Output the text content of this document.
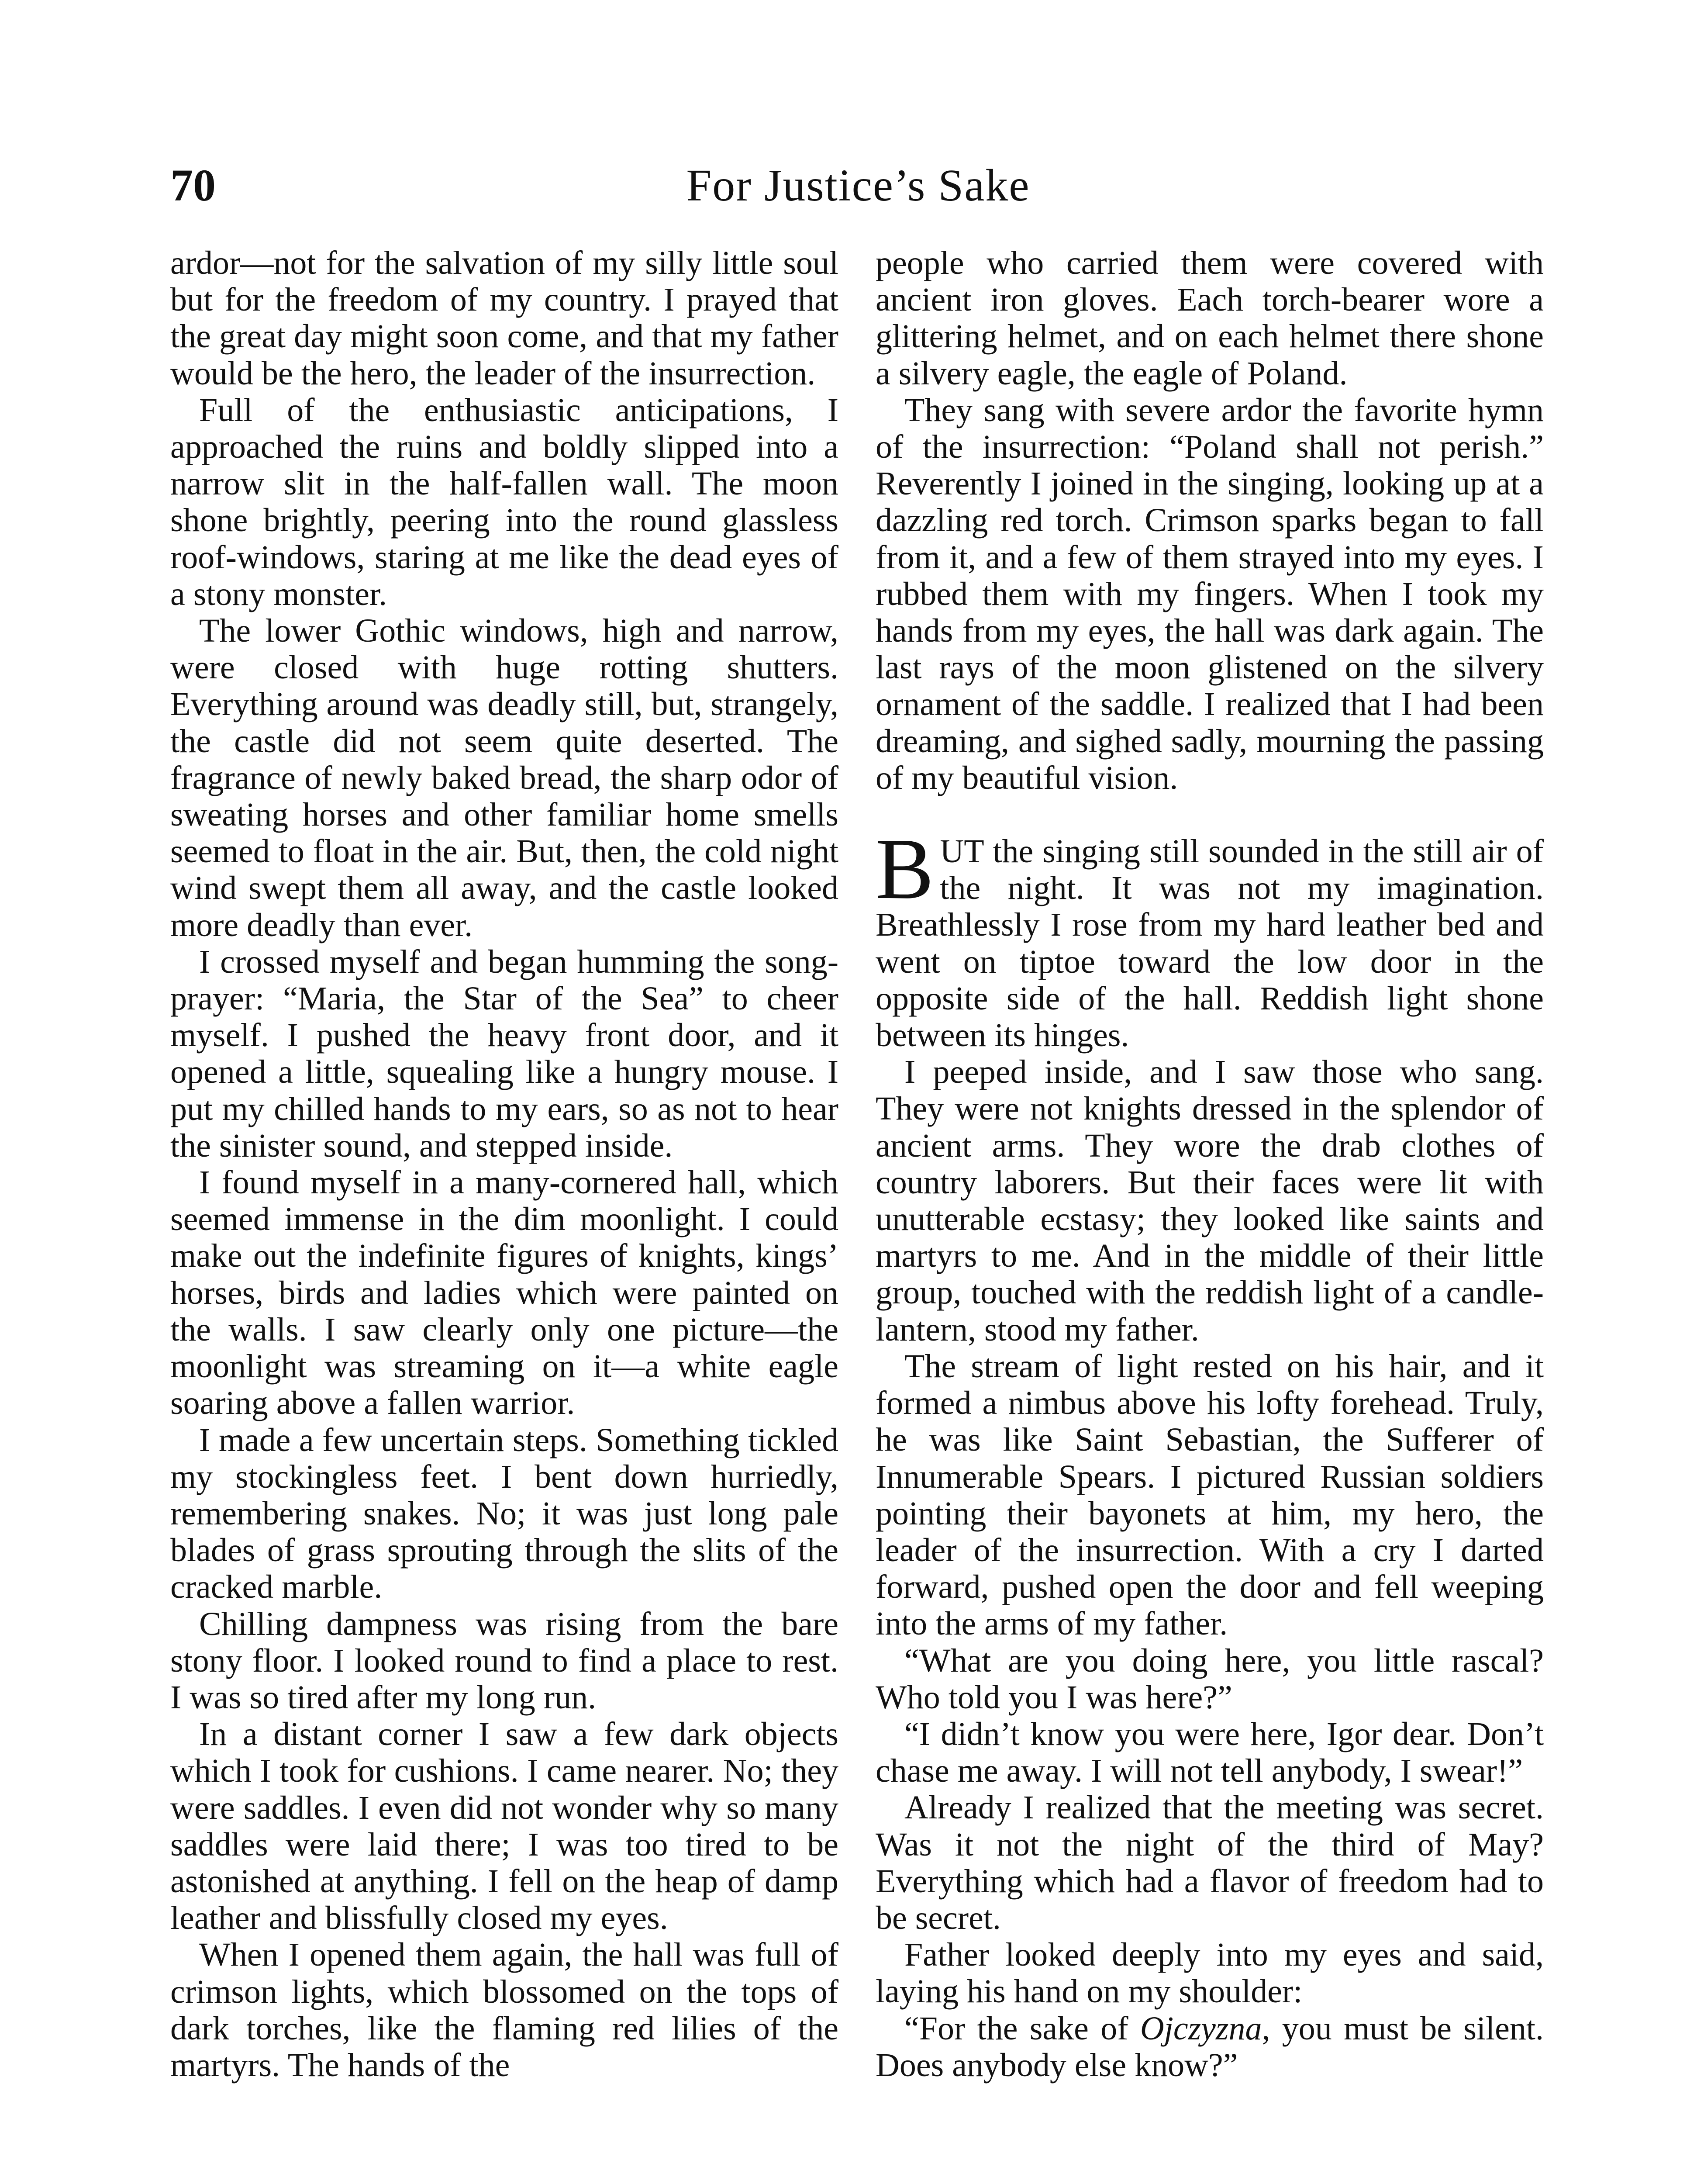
70	For Justice’s Sake

ardor—not for the salvation of my silly little soul but for the freedom of my country. I prayed that the great day might soon come, and that my father would be the hero, the leader of the insurrection.

Full of the enthusiastic anticipations, I approached the ruins and boldly slipped into a narrow slit in the half-fallen wall. The moon shone brightly, peering into the round glassless roof-windows, staring at me like the dead eyes of a stony monster.

The lower Gothic windows, high and narrow, were closed with huge rotting shutters. Everything around was deadly still, but, strangely, the castle did not seem quite deserted. The fragrance of newly baked bread, the sharp odor of sweating horses and other familiar home smells seemed to float in the air. But, then, the cold night wind swept them all away, and the castle looked more deadly than ever.

I crossed myself and began humming the song-prayer: “Maria, the Star of the Sea” to cheer myself. I pushed the heavy front door, and it opened a little, squealing like a hungry mouse. I put my chilled hands to my ears, so as not to hear the sinister sound, and stepped inside.

I found myself in a many-cornered hall, which seemed immense in the dim moonlight. I could make out the indefinite figures of knights, kings’ horses, birds and ladies which were painted on the walls. I saw clearly only one picture—the moonlight was streaming on it—a white eagle soaring above a fallen warrior.

I made a few uncertain steps. Something tickled my stockingless feet. I bent down hurriedly, remembering snakes. No; it was just long pale blades of grass sprouting through the slits of the cracked marble.

Chilling dampness was rising from the bare stony floor. I looked round to find a place to rest. I was so tired after my long run.

In a distant corner I saw a few dark objects which I took for cushions. I came nearer. No; they were saddles. I even did not wonder why so many saddles were laid there; I was too tired to be astonished at anything. I fell on the heap of damp leather and blissfully closed my eyes.

When I opened them again, the hall was full of crimson lights, which blossomed on the tops of dark torches, like the flaming red lilies of the martyrs. The hands of the

people who carried them were covered with ancient iron gloves. Each torch-bearer wore a glittering helmet, and on each helmet there shone a silvery eagle, the eagle of Poland.

They sang with severe ardor the favorite hymn of the insurrection: “Poland shall not perish.” Reverently I joined in the singing, looking up at a dazzling red torch. Crimson sparks began to fall from it, and a few of them strayed into my eyes. I rubbed them with my fingers. When I took my hands from my eyes, the hall was dark again. The last rays of the moon glistened on the silvery ornament of the saddle. I realized that I had been dreaming, and sighed sadly, mourning the passing of my beautiful vision.

BUT the singing still sounded in the still air of the night. It was not my imagination. Breathlessly I rose from my hard leather bed and went on tiptoe toward the low door in the opposite side of the hall. Reddish light shone between its hinges.

I peeped inside, and I saw those who sang. They were not knights dressed in the splendor of ancient arms. They wore the drab clothes of country laborers. But their faces were lit with unutterable ecstasy; they looked like saints and martyrs to me. And in the middle of their little group, touched with the reddish light of a candle-lantern, stood my father.

The stream of light rested on his hair, and it formed a nimbus above his lofty forehead. Truly, he was like Saint Sebastian, the Sufferer of Innumerable Spears. I pictured Russian soldiers pointing their bayonets at him, my hero, the leader of the insurrection. With a cry I darted forward, pushed open the door and fell weeping into the arms of my father.

“What are you doing here, you little rascal? Who told you I was here?”

“I didn’t know you were here, Igor dear. Don’t chase me away. I will not tell anybody, I swear!”

Already I realized that the meeting was secret. Was it not the night of the third of May? Everything which had a flavor of freedom had to be secret.

Father looked deeply into my eyes and said, laying his hand on my shoulder:

“For the sake of Ojczyzna, you must be silent. Does anybody else know?”
